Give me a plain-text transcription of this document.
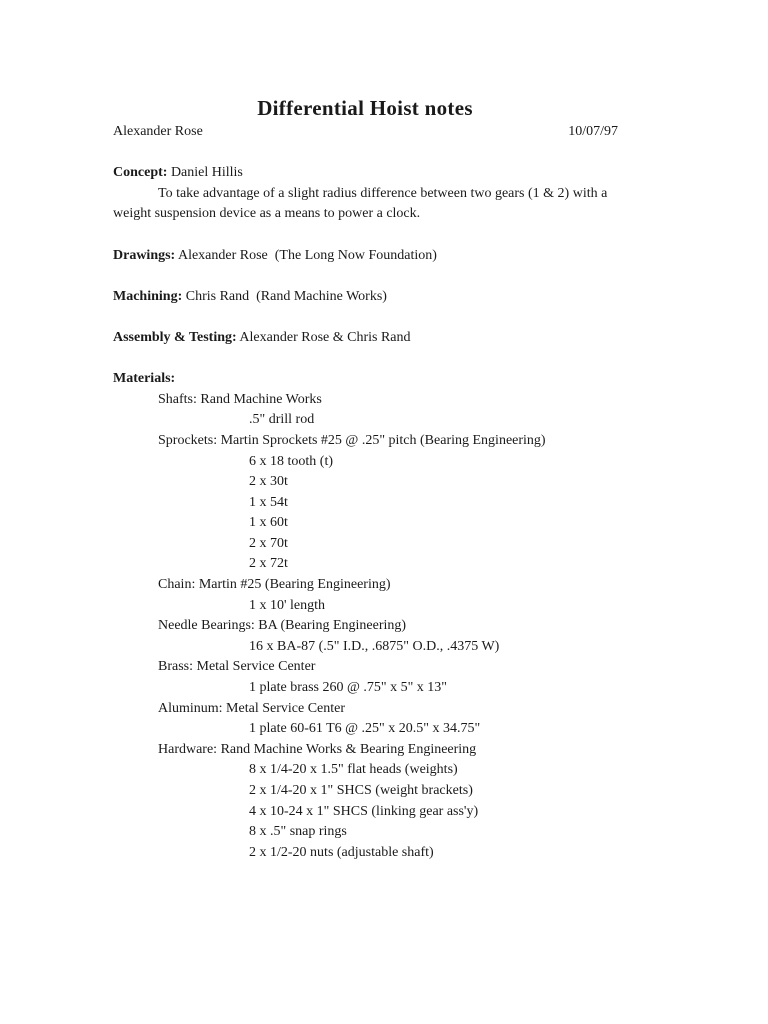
Differential Hoist notes
Alexander Rose	10/07/97
Concept: Daniel Hillis

To take advantage of a slight radius difference between two gears (1 & 2) with a weight suspension device as a means to power a clock.

Drawings: Alexander Rose  (The Long Now Foundation)
Machining: Chris Rand  (Rand Machine Works)
Assembly & Testing: Alexander Rose & Chris Rand
Materials:
Shafts: Rand Machine Works
.5" drill rod
Sprockets: Martin Sprockets #25 @ .25" pitch (Bearing Engineering)
6 x 18 tooth (t)
2 x 30t
1 x 54t
1 x 60t
2 x 70t
2 x 72t
Chain: Martin #25 (Bearing Engineering)
1 x 10' length
Needle Bearings: BA (Bearing Engineering)
16 x BA-87 (.5" I.D., .6875" O.D., .4375 W)
Brass: Metal Service Center
1 plate brass 260 @ .75" x 5" x 13"
Aluminum: Metal Service Center
1 plate 60-61 T6 @ .25" x 20.5" x 34.75"
Hardware: Rand Machine Works & Bearing Engineering
8 x 1/4-20 x 1.5" flat heads (weights)
2 x 1/4-20 x 1" SHCS (weight brackets)
4 x 10-24 x 1" SHCS (linking gear ass'y)
8 x .5" snap rings
2 x 1/2-20 nuts (adjustable shaft)
